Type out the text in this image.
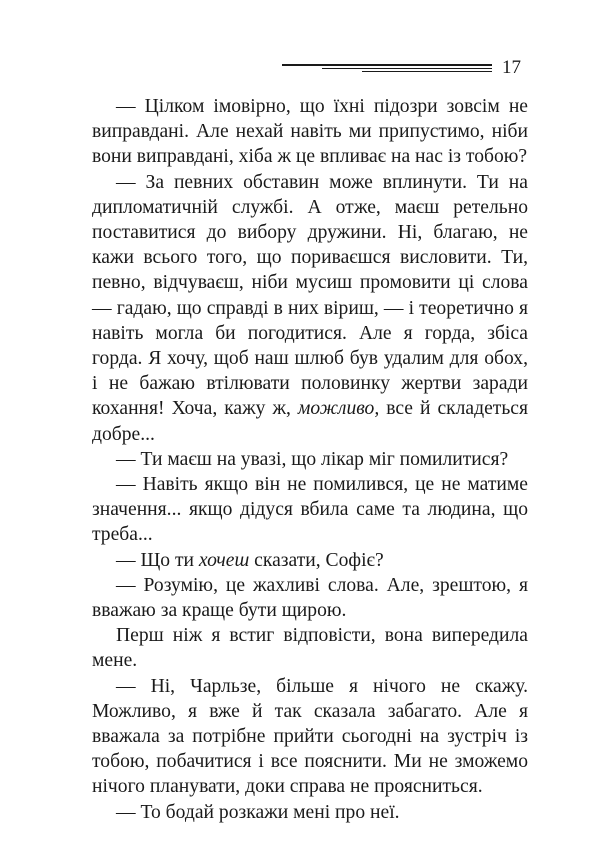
17

— Цілком імовірно, що їхні підозри зовсім не виправдані. Але нехай навіть ми припустимо, ніби вони виправдані, хіба ж це впливає на нас із тобою?

— За певних обставин може вплинути. Ти на дипломатичній службі. А отже, маєш ретельно поставитися до вибору дружини. Ні, благаю, не кажи всього того, що пориваєшся висловити. Ти, певно, відчуваєш, ніби мусиш промовити ці слова — гадаю, що справді в них віриш, — і теоретично я навіть могла би погодитися. Але я горда, збіса горда. Я хочу, щоб наш шлюб був удалим для обох, і не бажаю втілювати половинку жертви заради кохання! Хоча, кажу ж, можливо, все й складеться добре...

— Ти маєш на увазі, що лікар міг помилитися?

— Навіть якщо він не помилився, це не матиме значення... якщо дідуся вбила саме та людина, що треба...

— Що ти хочеш сказати, Софіє?

— Розумію, це жахливі слова. Але, зрештою, я вважаю за краще бути щирою.

Перш ніж я встиг відповісти, вона випередила мене.

— Ні, Чарльзе, більше я нічого не скажу. Можливо, я вже й так сказала забагато. Але я вважала за потрібне прийти сьогодні на зустріч із тобою, побачитися і все пояснити. Ми не зможемо нічого планувати, доки справа не проясниться.

— То бодай розкажи мені про неї.
